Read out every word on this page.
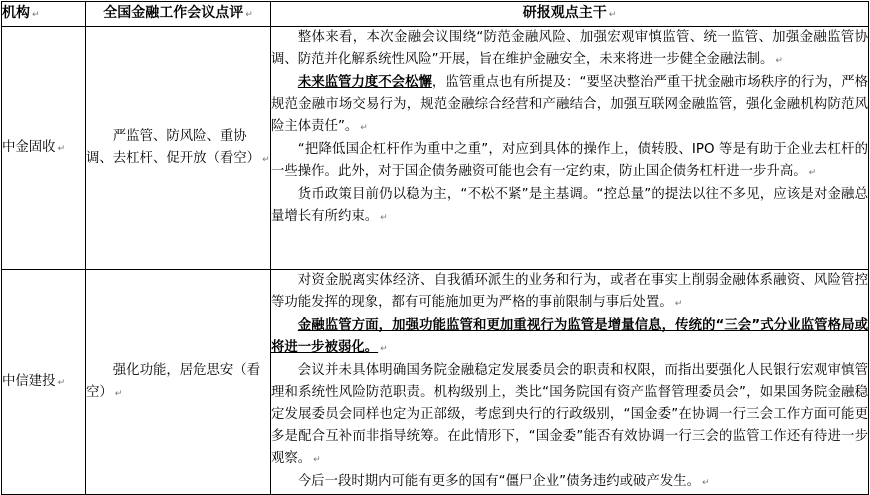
机构 ↵	全国金融工作会议点评 ↵	研报观点主干 ↵
中金固收 ↵	严监管、防风险、重协调、去杠杆、促开放（看空） ↵	整体来看，本次金融会议围绕“防范金融风险、加强宏观审慎监管、统一监管、加强金融监管协调、防范并化解系统性风险”开展，旨在维护金融安全，未来将进一步健全金融法制。 ↵

未来监管力度不会松懈，监管重点也有所提及：“要坚决整治严重干扰金融市场秩序的行为，严格规范金融市场交易行为，规范金融综合经营和产融结合，加强互联网金融监管，强化金融机构防范风险主体责任”。 ↵

“把降低国企杠杆作为重中之重”，对应到具体的操作上，债转股、IPO 等是有助于企业去杠杆的一些操作。此外，对于国企债务融资可能也会有一定约束，防止国企债务杠杆进一步升高。 ↵

货币政策目前仍以稳为主，“不松不紧”是主基调。“控总量”的提法以往不多见，应该是对金融总量增长有所约束。 ↵

中信建投 ↵	强化功能，居危思安（看空） ↵	对资金脱离实体经济、自我循环派生的业务和行为，或者在事实上削弱金融体系融资、风险管控等功能发挥的现象，都有可能施加更为严格的事前限制与事后处置。 ↵

金融监管方面，加强功能监管和更加重视行为监管是增量信息，传统的“三会”式分业监管格局或将进一步被弱化。 ↵

会议并未具体明确国务院金融稳定发展委员会的职责和权限，而指出要强化人民银行宏观审慎管理和系统性风险防范职责。机构级别上，类比“国务院国有资产监督管理委员会”，如果国务院金融稳定发展委员会同样也定为正部级，考虑到央行的行政级别，“国金委”在协调一行三会工作方面可能更多是配合互补而非指导统筹。在此情形下，“国金委”能否有效协调一行三会的监管工作还有待进一步观察。 ↵

今后一段时期内可能有更多的国有“僵尸企业”债务违约或破产发生。 ↵
